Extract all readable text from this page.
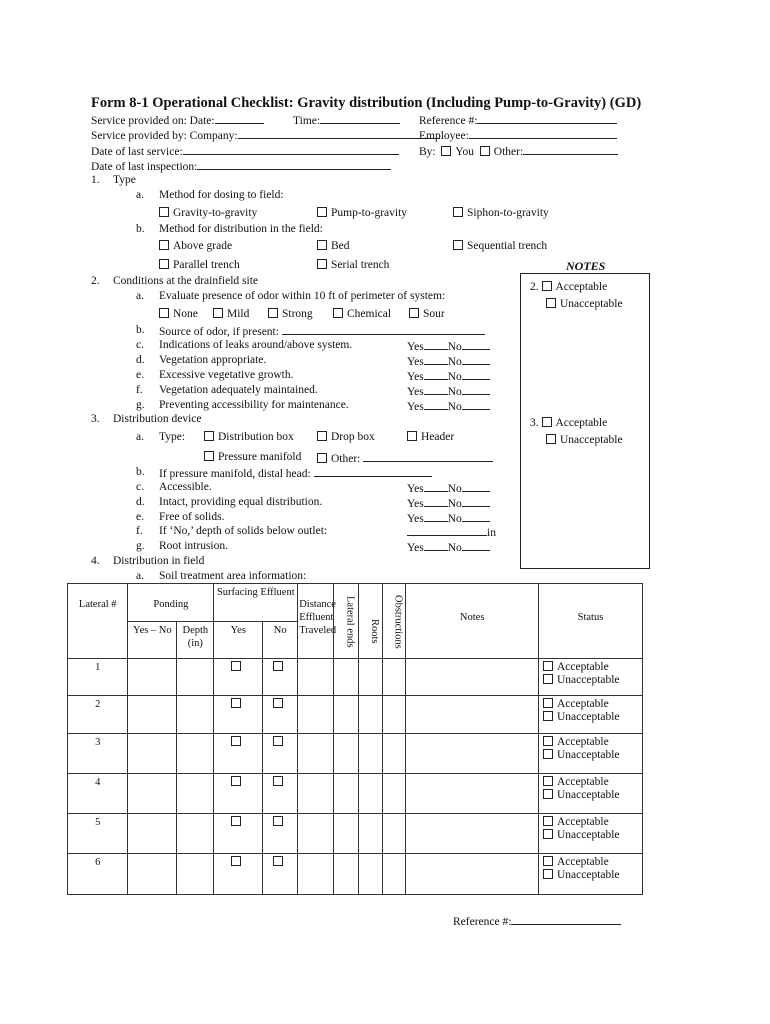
Form 8-1 Operational Checklist: Gravity distribution (Including Pump-to-Gravity) (GD)
Service provided on: Date:	Time:	Reference #:
Service provided by: Company:	Employee:
Date of last service:	By: You Other:
Date of last inspection:
1. Type
a. Method for dosing to field:
Gravity-to-gravity	Pump-to-gravity	Siphon-to-gravity
b. Method for distribution in the field:
Above grade	Bed	Sequential trench
Parallel trench	Serial trench	NOTES
2. Acceptable
Unacceptable
3. Acceptable
Unacceptable
2. Conditions at the drainfield site
a. Evaluate presence of odor within 10 ft of perimeter of system:
None	Mild	Strong	Chemical	Sour
b. Source of odor, if present:
c. Indications of leaks around/above system.	Yes No
d. Vegetation appropriate.	Yes No
e. Excessive vegetative growth.	Yes No
f. Vegetation adequately maintained.	Yes No
g. Preventing accessibility for maintenance.	Yes No
3. Distribution device
a. Type:	Distribution box	Drop box	Header
Pressure manifold	Other:
b. If pressure manifold, distal head:
c. Accessible.	Yes No
d. Intact, providing equal distribution.	Yes No
e. Free of solids.	Yes No
f. If ‘No,’ depth of solids below outlet:	in
g. Root intrusion.	Yes No
4. Distribution in field
a. Soil treatment area information:
Lateral #	Ponding		Surfacing Effluent		Distance Effluent Traveled	Lateral ends	Roots	Obstructions	Notes	Status
	Yes – No	Depth (in)	Yes	No						
1										Acceptable
Unacceptable

2										Acceptable
Unacceptable

3										Acceptable
Unacceptable

4										Acceptable
Unacceptable

5										Acceptable
Unacceptable

6										Acceptable
Unacceptable
Reference #:
